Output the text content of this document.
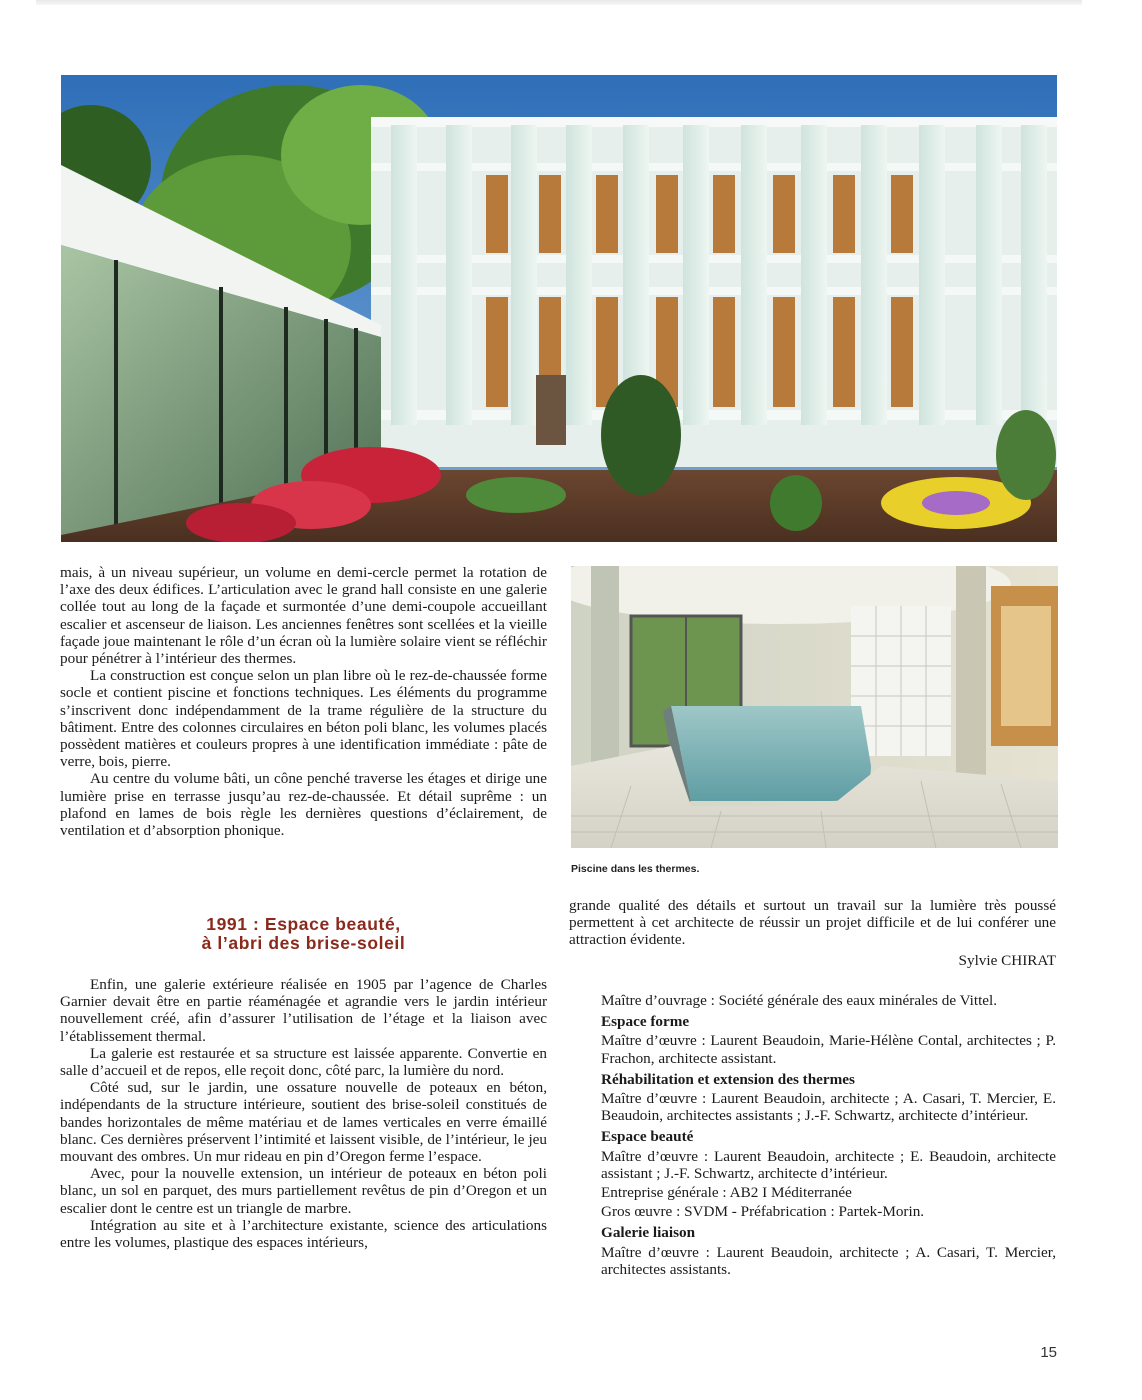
Piscine dans les thermes.

mais, à un niveau supérieur, un volume en demi-cercle permet la rotation de l’axe des deux édifices. L’articulation avec le grand hall consiste en une galerie collée tout au long de la façade et surmontée d’une demi-coupole accueillant escalier et ascenseur de liaison. Les anciennes fenêtres sont scellées et la vieille façade joue maintenant le rôle d’un écran où la lumière solaire vient se réfléchir pour pénétrer à l’intérieur des thermes.

La construction est conçue selon un plan libre où le rez-de-chaussée forme socle et contient piscine et fonctions techniques. Les éléments du programme s’inscrivent donc indépendamment de la trame régulière de la structure du bâtiment. Entre des colonnes circulaires en béton poli blanc, les volumes placés possèdent matières et couleurs propres à une identification immédiate : pâte de verre, bois, pierre.

Au centre du volume bâti, un cône penché traverse les étages et dirige une lumière prise en terrasse jusqu’au rez-de-chaussée. Et détail suprême : un plafond en lames de bois règle les dernières questions d’éclairement, de ventilation et d’absorption phonique.

1991 : Espace beauté,
à l’abri des brise-soleil

Enfin, une galerie extérieure réalisée en 1905 par l’agence de Charles Garnier devait être en partie réaménagée et agrandie vers le jardin intérieur nouvellement créé, afin d’assurer l’utilisation de l’étage et la liaison avec l’établissement thermal.

La galerie est restaurée et sa structure est laissée apparente. Convertie en salle d’accueil et de repos, elle reçoit donc, côté parc, la lumière du nord.

Côté sud, sur le jardin, une ossature nouvelle de poteaux en béton, indépendants de la structure intérieure, soutient des brise-soleil constitués de bandes horizontales de même matériau et de lames verticales en verre émaillé blanc. Ces dernières préservent l’intimité et laissent visible, de l’intérieur, le jeu mouvant des ombres. Un mur rideau en pin d’Oregon ferme l’espace.

Avec, pour la nouvelle extension, un intérieur de poteaux en béton poli blanc, un sol en parquet, des murs partiellement revêtus de pin d’Oregon et un escalier dont le centre est un triangle de marbre.

Intégration au site et à l’architecture existante, science des articulations entre les volumes, plastique des espaces intérieurs,

grande qualité des détails et surtout un travail sur la lumière très poussé permettent à cet architecte de réussir un projet difficile et de lui conférer une attraction évidente.

Sylvie CHIRAT
Maître d’ouvrage : Société générale des eaux minérales de Vittel.
Espace forme
Maître d’œuvre : Laurent Beaudoin, Marie-Hélène Contal, architectes ; P. Frachon, architecte assistant.
Réhabilitation et extension des thermes
Maître d’œuvre : Laurent Beaudoin, architecte ; A. Casari, T. Mercier, E. Beaudoin, architectes assistants ; J.-F. Schwartz, architecte d’intérieur.
Espace beauté
Maître d’œuvre : Laurent Beaudoin, architecte ; E. Beaudoin, architecte assistant ; J.-F. Schwartz, architecte d’intérieur.
Entreprise générale : AB2 I Méditerranée
Gros œuvre : SVDM - Préfabrication : Partek-Morin.
Galerie liaison
Maître d’œuvre : Laurent Beaudoin, architecte ; A. Casari, T. Mercier, architectes assistants.
15
